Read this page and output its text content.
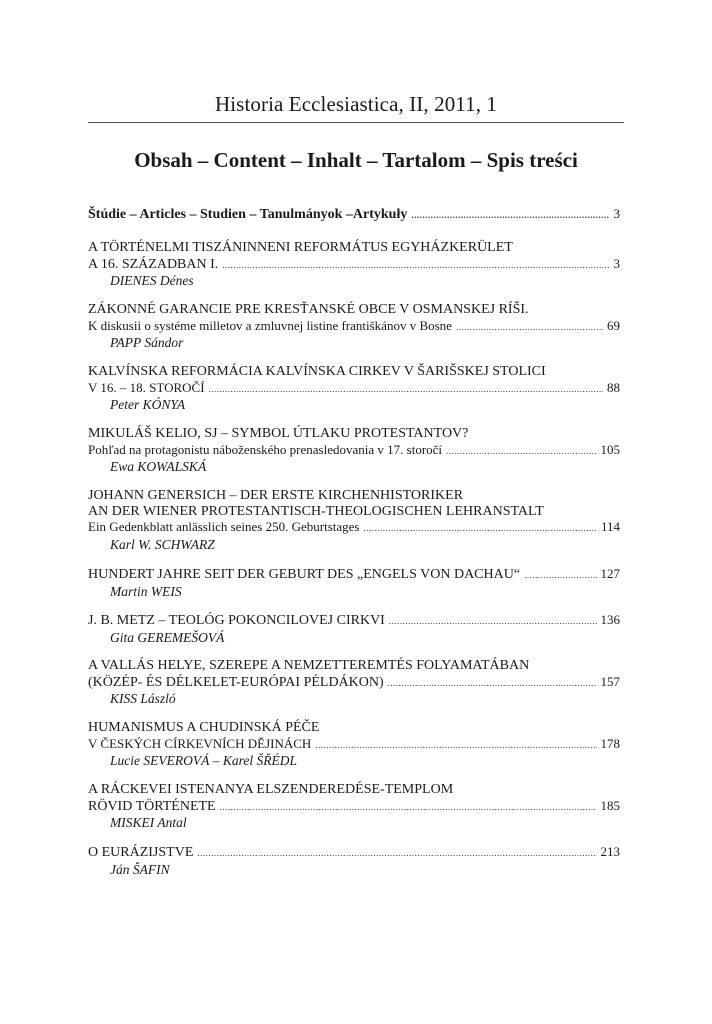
Historia Ecclesiastica, II, 2011, 1
Obsah – Content – Inhalt – Tartalom – Spis treści
Štúdie – Articles – Studien – Tanulmányok –Artykuły .....	3
A TÖRTÉNELMI TISZÁNINNENI REFORMÁTUS EGYHÁZKERÜLET
A 16. SZÁZADBAN I. .....	3
DIENES Dénes
ZÁKONNÉ GARANCIE PRE KRESŤANSKÉ OBCE V OSMANSKEJ RÍŠI.
K diskusii o systéme milletov a zmluvnej listine františkánov v Bosne .....	69
PAPP Sándor
KALVÍNSKA REFORMÁCIA KALVÍNSKA CIRKEV V ŠARIŠSKEJ STOLICI
V 16. – 18. STOROČÍ .....	88
Peter KÓNYA
MIKULÁŠ KELIO, SJ – SYMBOL ÚTLAKU PROTESTANTOV?
Pohľad na protagonistu náboženského prenasledovania v 17. storočí .....	105
Ewa KOWALSKÁ
JOHANN GENERSICH – DER ERSTE KIRCHENHISTORIKER
AN DER WIENER PROTESTANTISCH-THEOLOGISCHEN LEHRANSTALT
Ein Gedenkblatt anlässlich seines 250. Geburtstages .....	114
Karl W. SCHWARZ
HUNDERT JAHRE SEIT DER GEBURT DES „ENGELS VON DACHAU“ .....	127
Martin WEIS
J. B. METZ – TEOLÓG POKONCILOVEJ CIRKVI .....	136
Gita GEREMEŠOVÁ
A VALLÁS HELYE, SZEREPE A NEMZETTEREMTÉS FOLYAMATÁBAN
(KÖZÉP- ÉS DÉLKELET-EURÓPAI PÉLDÁKON) .....	157
KISS László
HUMANISMUS A CHUDINSKÁ PÉČE
V ČESKÝCH CÍRKEVNÍCH DĚJINÁCH .....	178
Lucie SEVEROVÁ – Karel ŠŘÉDL
A RÁCKEVEI ISTENANYA ELSZENDEREDÉSE-TEMPLOM
RÖVID TÖRTÉNETE .....	185
MISKEI Antal
O EURÁZIJSTVE .....	213
Ján ŠAFIN
